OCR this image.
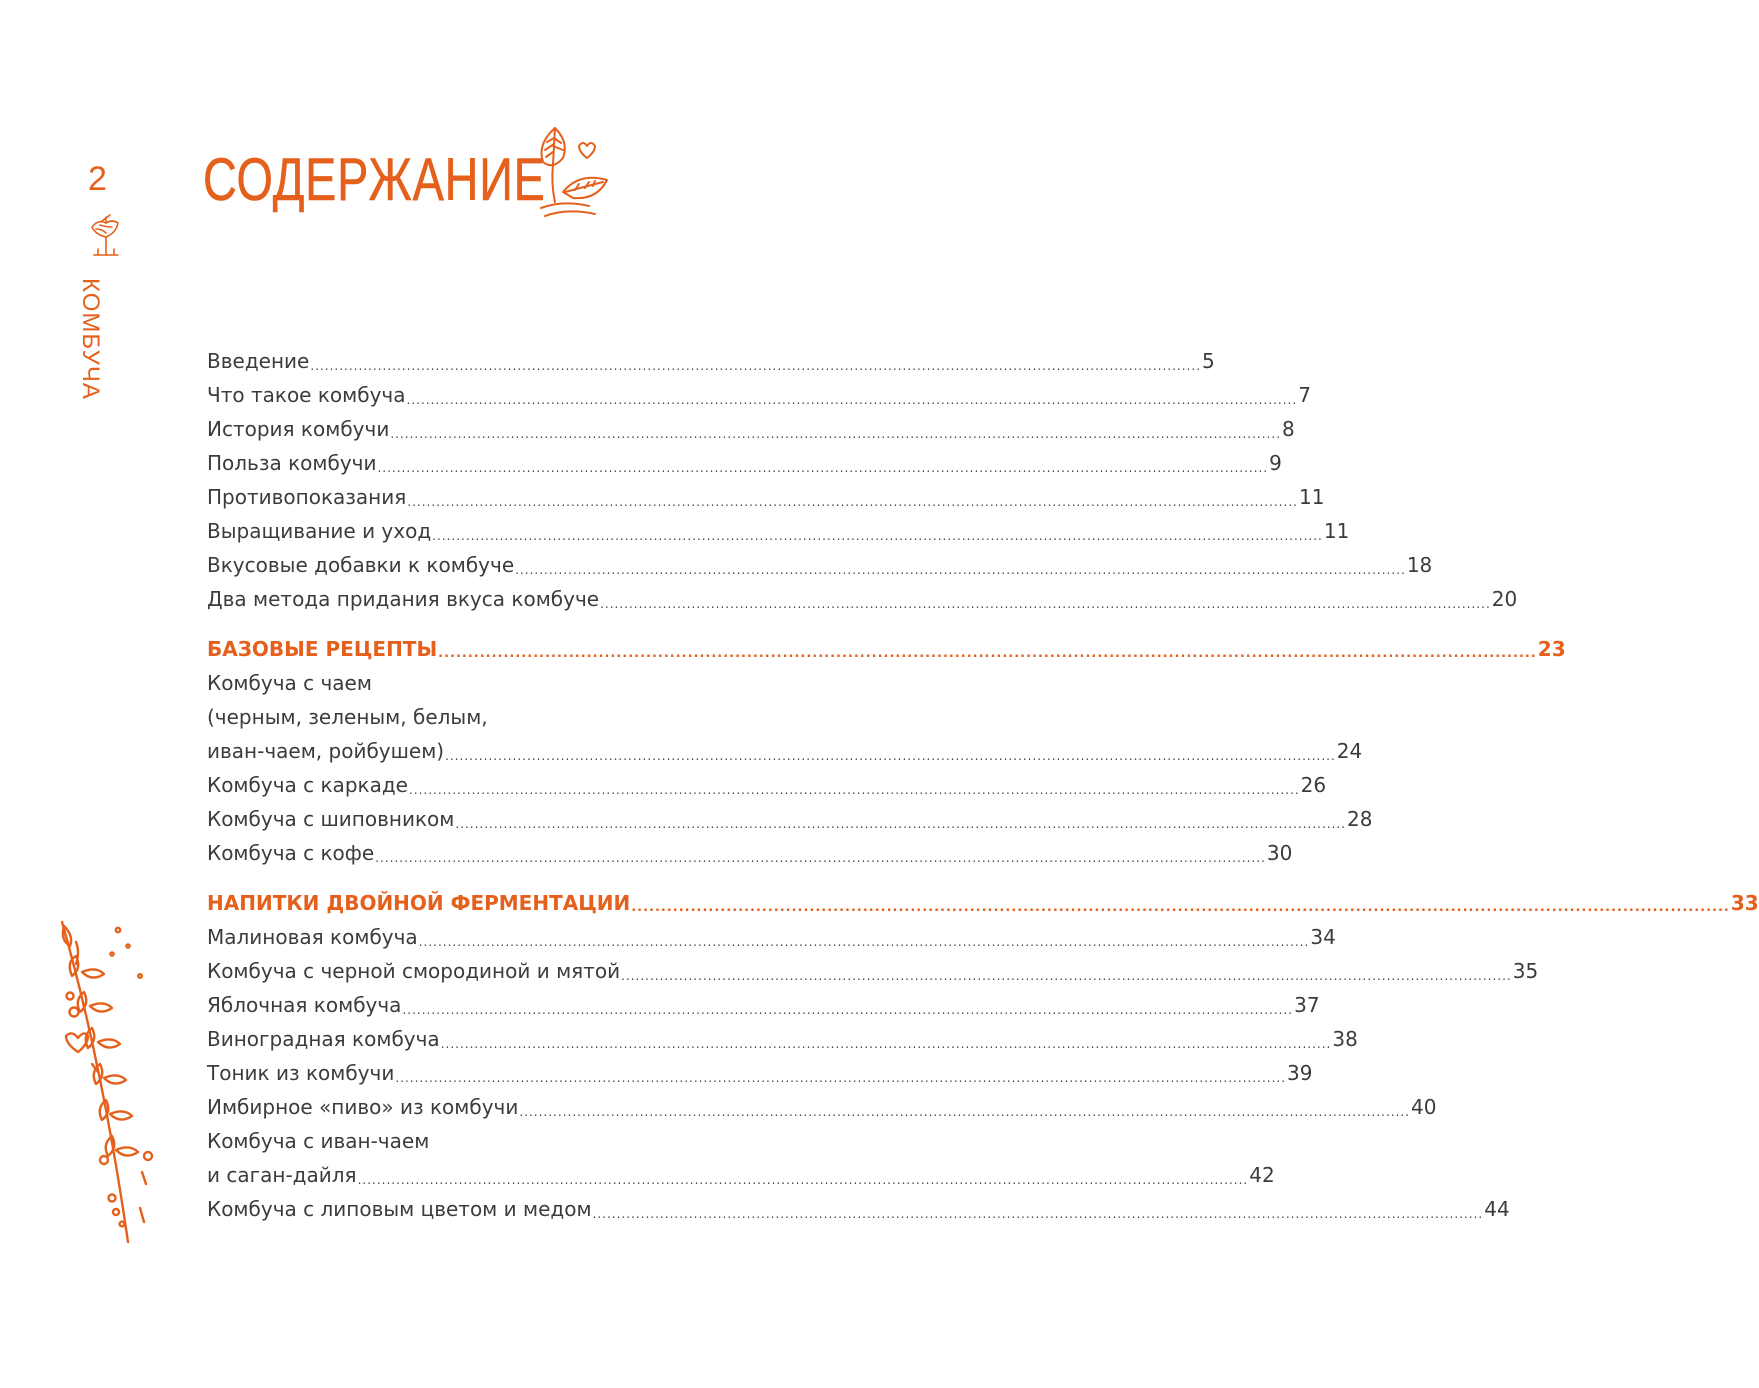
2
КОМБУЧА
СОДЕРЖАНИЕ
Введение ......................................................................................................................................................................................... 5
Что такое комбуча ......................................................................................................................................................................................... 7
История комбучи ......................................................................................................................................................................................... 8
Польза комбучи ......................................................................................................................................................................................... 9
Противопоказания ......................................................................................................................................................................................... 11
Выращивание и уход ......................................................................................................................................................................................... 11
Вкусовые добавки к комбуче ......................................................................................................................................................................................... 18
Два метода придания вкуса комбуче ......................................................................................................................................................................................... 20
БАЗОВЫЕ РЕЦЕПТЫ ......................................................................................................................................................................................... 23
Комбуча с чаем
(черным, зеленым, белым,
иван-чаем, ройбушем) ......................................................................................................................................................................................... 24
Комбуча с каркаде ......................................................................................................................................................................................... 26
Комбуча с шиповником ......................................................................................................................................................................................... 28
Комбуча с кофе ......................................................................................................................................................................................... 30
НАПИТКИ ДВОЙНОЙ ФЕРМЕНТАЦИИ ......................................................................................................................................................................................... 33
Малиновая комбуча ......................................................................................................................................................................................... 34
Комбуча с черной смородиной и мятой ......................................................................................................................................................................................... 35
Яблочная комбуча ......................................................................................................................................................................................... 37
Виноградная комбуча ......................................................................................................................................................................................... 38
Тоник из комбучи ......................................................................................................................................................................................... 39
Имбирное «пиво» из комбучи ......................................................................................................................................................................................... 40
Комбуча с иван-чаем
и саган-дайля ......................................................................................................................................................................................... 42
Комбуча с липовым цветом и медом ......................................................................................................................................................................................... 44
